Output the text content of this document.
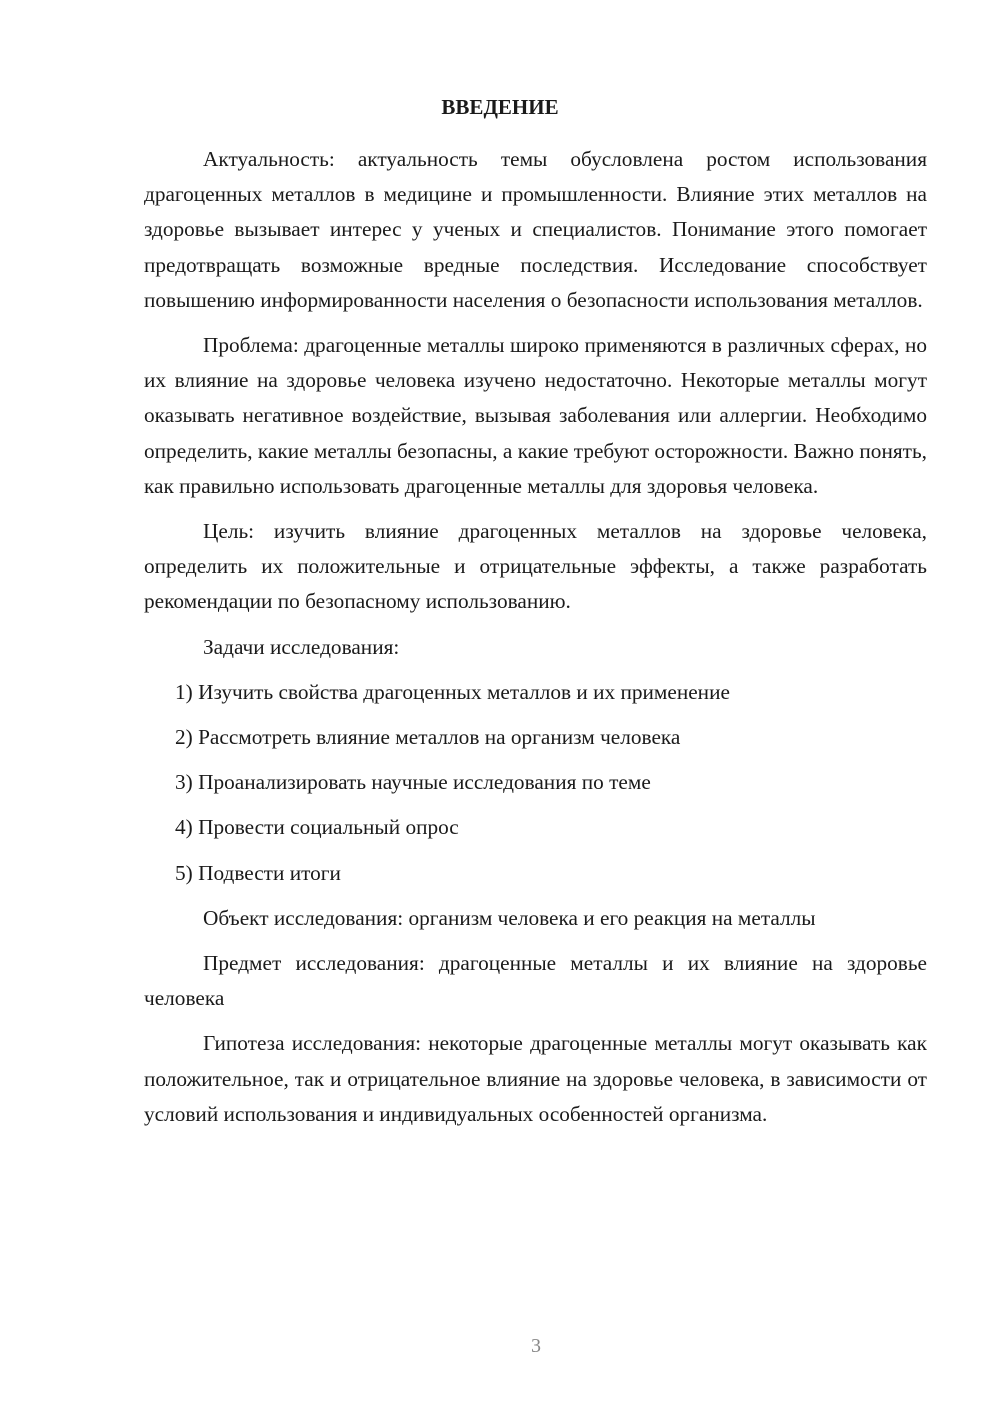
ВВЕДЕНИЕ

Актуальность: актуальность темы обусловлена ростом использования драгоценных металлов в медицине и промышленности. Влияние этих металлов на здоровье вызывает интерес у ученых и специалистов. Понимание этого помогает предотвращать возможные вредные последствия. Исследование способствует повышению информированности населения о безопасности использования металлов.

Проблема: драгоценные металлы широко применяются в различных сферах, но их влияние на здоровье человека изучено недостаточно. Некоторые металлы могут оказывать негативное воздействие, вызывая заболевания или аллергии. Необходимо определить, какие металлы безопасны, а какие требуют осторожности. Важно понять, как правильно использовать драгоценные металлы для здоровья человека.

Цель: изучить влияние драгоценных металлов на здоровье человека, определить их положительные и отрицательные эффекты, а также разработать рекомендации по безопасному использованию.

Задачи исследования:

1) Изучить свойства драгоценных металлов и их применение

2) Рассмотреть влияние металлов на организм человека

3) Проанализировать научные исследования по теме

4) Провести социальный опрос

5) Подвести итоги

Объект исследования: организм человека и его реакция на металлы

Предмет исследования: драгоценные металлы и их влияние на здоровье человека

Гипотеза исследования: некоторые драгоценные металлы могут оказывать как положительное, так и отрицательное влияние на здоровье человека, в зависимости от условий использования и индивидуальных особенностей организма.

3
